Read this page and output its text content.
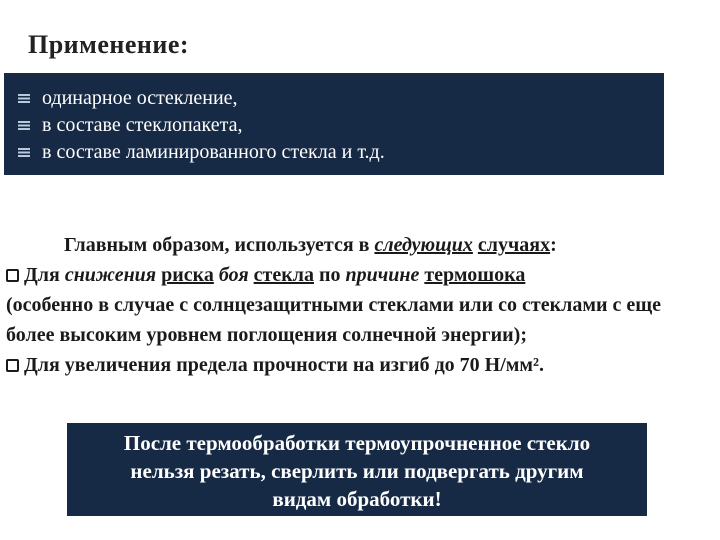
Применение:
одинарное остекление,
в составе стеклопакета,
в составе ламинированного стекла и т.д.

Главным образом, используется в следующих случаях:

Для снижения риска боя стекла по причине термошока
(особенно в случае с солнцезащитными стеклами или со стеклами с еще более высоким уровнем поглощения солнечной энергии);

Для увеличения предела прочности на изгиб до 70 Н/мм².

После термообработки термоупрочненное стекло
нельзя резать, сверлить или подвергать другим
видам обработки!
